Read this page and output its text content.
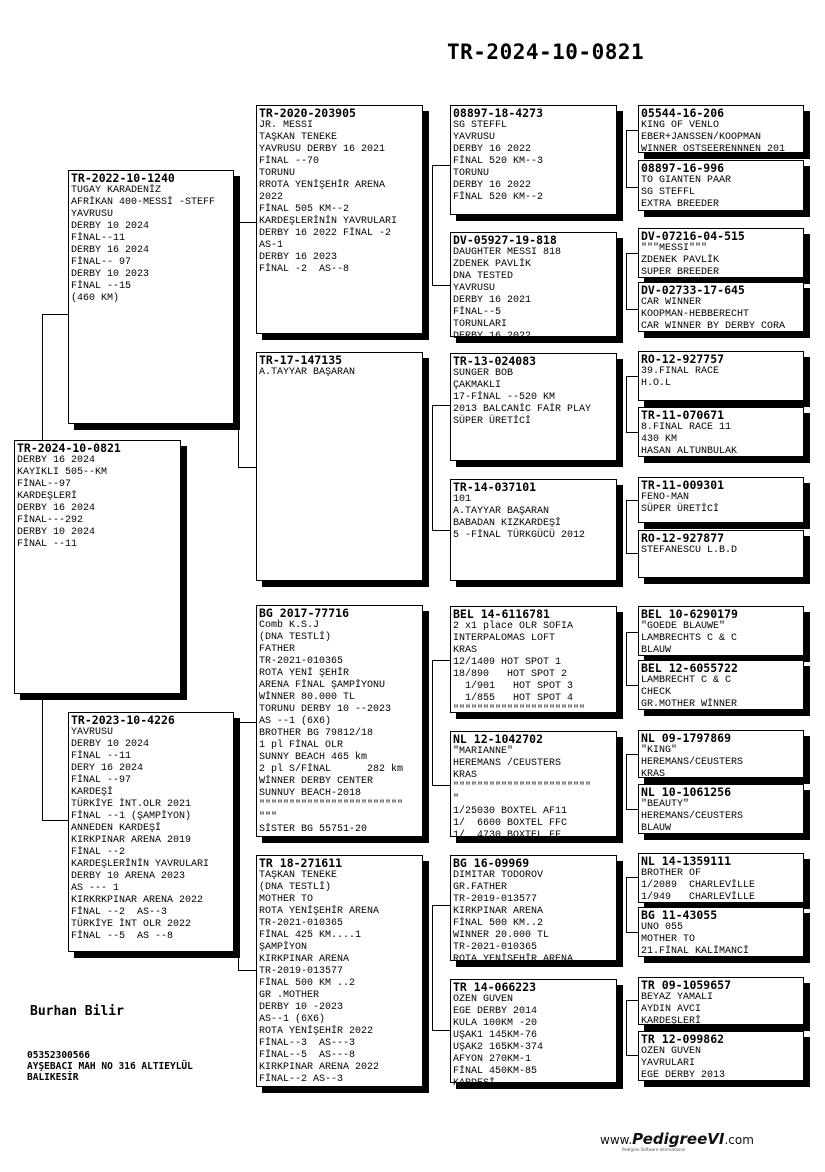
TR-2024-10-0821
TR-2024-10-0821
DERBY 16 2024
KAYIKLI 505--KM
FİNAL--97
KARDEŞLERİ
DERBY 16 2024
FİNAL---292
DERBY 10 2024
FİNAL --11
TR-2022-10-1240
TUGAY KARADENİZ
AFRİKAN 400-MESSİ -STEFF
YAVRUSU
DERBY 10 2024
FİNAL--11
DERBY 16 2024
FİNAL-- 97
DERBY 10 2023
FİNAL --15
(460 KM)
TR-2023-10-4226
YAVRUSU
DERBY 10 2024
FİNAL --11
DERY 16 2024
FİNAL --97
KARDEŞİ
TÜRKİYE İNT.OLR 2021
FİNAL --1 (ŞAMPİYON)
ANNEDEN KARDEŞİ
KIRKPINAR ARENA 2019
FİNAL --2
KARDEŞLERİNİN YAVRULARI
DERBY 10 ARENA 2023
AS --- 1
KIRKRKPINAR ARENA 2022
FİNAL --2  AS--3
TÜRKİYE İNT OLR 2022
FİNAL --5  AS --8
TR-2020-203905
JR. MESSI
TAŞKAN TENEKE
YAVRUSU DERBY 16 2021
FİNAL --70
TORUNU
RROTA YENİŞEHİR ARENA
2022
FİNAL 505 KM--2
KARDEŞLERİNİN YAVRULARI
DERBY 16 2022 FİNAL -2
AS-1
DERBY 16 2023
FİNAL -2  AS--8
TR-17-147135
A.TAYYAR BAŞARAN
BG 2017-77716
Comb K.S.J
(DNA TESTLİ)
FATHER
TR-2021-010365
ROTA YENİ ŞEHİR
ARENA FİNAL ŞAMPİYONU
WİNNER 80.000 TL
TORUNU DERBY 10 --2023
AS --1 (6X6)
BROTHER BG 79812/18
1 pl FİNAL OLR
SUNNY BEACH 465 km
2 pl S/FİNAL      282 km
WİNNER DERBY CENTER
SUNNUY BEACH-2018
""""""""""""""""""""""""
"""
SİSTER BG 55751-20
TR 18-271611
TAŞKAN TENEKE
(DNA TESTLİ)
MOTHER TO
ROTA YENİŞEHİR ARENA
TR-2021-010365
FİNAL 425 KM....1
ŞAMPİYON
KIRKPINAR ARENA
TR-2019-013577
FİNAL 500 KM ..2
GR .MOTHER
DERBY 10 -2023
AS--1 (6X6)
ROTA YENİŞEHİR 2022
FİNAL--3  AS---3
FİNAL--5  AS---8
KIRKPINAR ARENA 2022
FİNAL--2 AS--3
08897-18-4273
SG STEFFL
YAVRUSU
DERBY 16 2022
FİNAL 520 KM--3
TORUNU
DERBY 16 2022
FİNAL 520 KM--2
DV-05927-19-818
DAUGHTER MESSI 818
ZDENEK PAVLİK
DNA TESTED
YAVRUSU
DERBY 16 2021
FİNAL--5
TORUNLARI
DERBY 16 2022
TR-13-024083
SUNGER BOB
ÇAKMAKLI
17-FİNAL --520 KM
2013 BALCANİC FAİR PLAY
SÜPER ÜRETİCİ
TR-14-037101
101
A.TAYYAR BAŞARAN
BABADAN KIZKARDEŞİ
5 -FİNAL TÜRKGÜCÜ 2012
BEL 14-6116781
2 x1 place OLR SOFIA
INTERPALOMAS LOFT
KRAS
12/1409 HOT SPOT 1
18/890   HOT SPOT 2
1/901   HOT SPOT 3
1/855   HOT SPOT 4
""""""""""""""""""""""
NL 12-1042702
"MARIANNE"
HEREMANS /CEUSTERS
KRAS
"""""""""""""""""""""""
"
1/25030 BOXTEL AF11
1/  6600 BOXTEL FFC
1/  4730 BOXTEL FF
BG 16-09969
DIMITAR TODOROV
GR.FATHER
TR-2019-013577
KIRKPINAR ARENA
FİNAL 500 KM..2
WINNER 20.000 TL
TR-2021-010365
ROTA YENİŞEHİR ARENA
TR 14-066223
OZEN GUVEN
EGE DERBY 2014
KULA 100KM -20
UŞAK1 145KM-76
UŞAK2 165KM-374
AFYON 270KM-1
FİNAL 450KM-85
KARDEŞİ
05544-16-206
KING OF VENLO
EBER+JANSSEN/KOOPMAN
WINNER OSTSEERENNNEN 201
08897-16-996
TO GIANTEN PAAR
SG STEFFL
EXTRA BREEDER
DV-07216-04-515
"""MESSI"""
ZDENEK PAVLİK
SUPER BREEDER
DV-02733-17-645
CAR WINNER
KOOPMAN-HEBBERECHT
CAR WINNER BY DERBY CORA
RO-12-927757
39.FINAL RACE
H.O.L
TR-11-070671
8.FINAL RACE 11
430 KM
HASAN ALTUNBULAK
TR-11-009301
FENO-MAN
SÜPER ÜRETİCİ
RO-12-927877
STEFANESCU L.B.D
BEL 10-6290179
"GOEDE BLAUWE"
LAMBRECHTS C & C
BLAUW
BEL 12-6055722
LAMBRECHT C & C
CHECK
GR.MOTHER WİNNER
NL 09-1797869
"KING"
HEREMANS/CEUSTERS
KRAS
NL 10-1061256
"BEAUTY"
HEREMANS/CEUSTERS
BLAUW
NL 14-1359111
BROTHER OF
1/2089  CHARLEVİLLE
1/949   CHARLEVİLLE
BG 11-43055
UNO 055
MOTHER TO
21.FİNAL KALİMANCİ
TR 09-1059657
BEYAZ YAMALI
AYDIN AVCI
KARDEŞLERİ
TR 12-099862
OZEN GUVEN
YAVRULARI
EGE DERBY 2013
Burhan Bilir
05352300566
AYŞEBACI MAH NO 316 ALTIEYLÜL
BALIKESİR
www.PedigreeVI.com
Pedigree Software International
